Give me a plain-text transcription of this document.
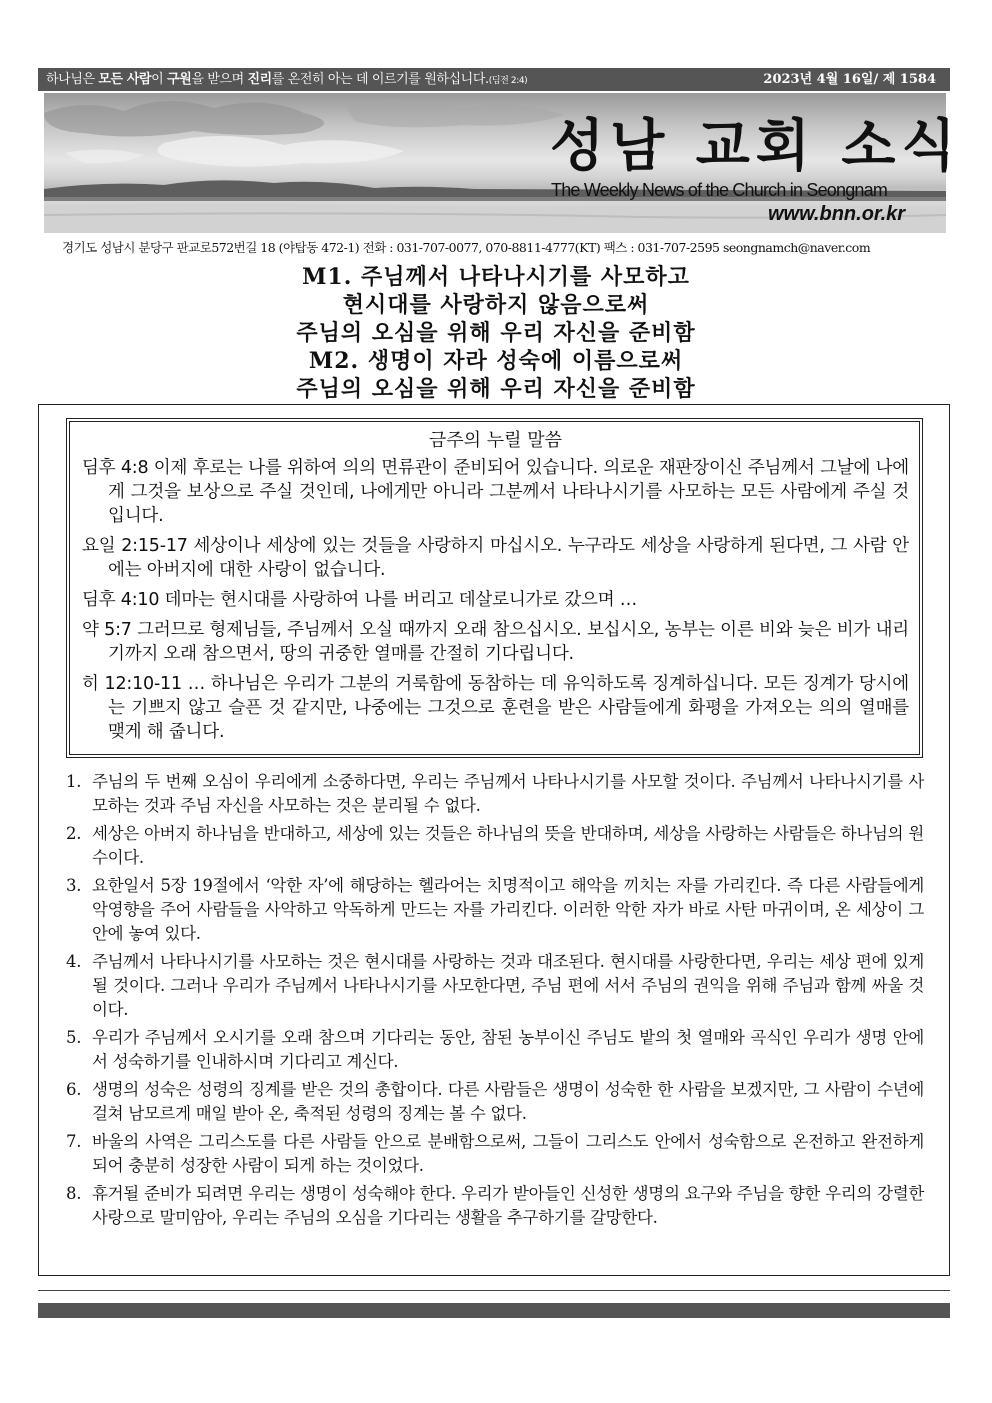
하나님은 모든 사람이 구원을 받으며 진리를 온전히 아는 데 이르기를 원하십니다.(딤전 2:4)	2023년 4월 16일/ 제 1584
성남 교회 소식
The Weekly News of the Church in Seongnam
www.bnn.or.kr
경기도 성남시 분당구 판교로572번길 18 (야탑동 472-1) 전화 : 031-707-0077, 070-8811-4777(KT) 팩스 : 031-707-2595 seongnamch@naver.com
M1. 주님께서 나타나시기를 사모하고
현시대를 사랑하지 않음으로써
주님의 오심을 위해 우리 자신을 준비함
M2. 생명이 자라 성숙에 이름으로써
주님의 오심을 위해 우리 자신을 준비함
금주의 누릴 말씀
딤후 4:8 이제 후로는 나를 위하여 의의 면류관이 준비되어 있습니다. 의로운 재판장이신 주님께서 그날에 나에게 그것을 보상으로 주실 것인데, 나에게만 아니라 그분께서 나타나시기를 사모하는 모든 사람에게 주실 것입니다.
요일 2:15-17 세상이나 세상에 있는 것들을 사랑하지 마십시오. 누구라도 세상을 사랑하게 된다면, 그 사람 안에는 아버지에 대한 사랑이 없습니다.
딤후 4:10 데마는 현시대를 사랑하여 나를 버리고 데살로니가로 갔으며 …
약 5:7 그러므로 형제님들, 주님께서 오실 때까지 오래 참으십시오. 보십시오, 농부는 이른 비와 늦은 비가 내리기까지 오래 참으면서, 땅의 귀중한 열매를 간절히 기다립니다.
히 12:10-11 … 하나님은 우리가 그분의 거룩함에 동참하는 데 유익하도록 징계하십니다. 모든 징계가 당시에는 기쁘지 않고 슬픈 것 같지만, 나중에는 그것으로 훈련을 받은 사람들에게 화평을 가져오는 의의 열매를 맺게 해 줍니다.
1. 주님의 두 번째 오심이 우리에게 소중하다면, 우리는 주님께서 나타나시기를 사모할 것이다. 주님께서 나타나시기를 사모하는 것과 주님 자신을 사모하는 것은 분리될 수 없다.
2. 세상은 아버지 하나님을 반대하고, 세상에 있는 것들은 하나님의 뜻을 반대하며, 세상을 사랑하는 사람들은 하나님의 원수이다.
3. 요한일서 5장 19절에서 ‘악한 자’에 해당하는 헬라어는 치명적이고 해악을 끼치는 자를 가리킨다. 즉 다른 사람들에게 악영향을 주어 사람들을 사악하고 악독하게 만드는 자를 가리킨다. 이러한 악한 자가 바로 사탄 마귀이며, 온 세상이 그 안에 놓여 있다.
4. 주님께서 나타나시기를 사모하는 것은 현시대를 사랑하는 것과 대조된다. 현시대를 사랑한다면, 우리는 세상 편에 있게 될 것이다. 그러나 우리가 주님께서 나타나시기를 사모한다면, 주님 편에 서서 주님의 권익을 위해 주님과 함께 싸울 것이다.
5. 우리가 주님께서 오시기를 오래 참으며 기다리는 동안, 참된 농부이신 주님도 밭의 첫 열매와 곡식인 우리가 생명 안에서 성숙하기를 인내하시며 기다리고 계신다.
6. 생명의 성숙은 성령의 징계를 받은 것의 총합이다. 다른 사람들은 생명이 성숙한 한 사람을 보겠지만, 그 사람이 수년에 걸쳐 남모르게 매일 받아 온, 축적된 성령의 징계는 볼 수 없다.
7. 바울의 사역은 그리스도를 다른 사람들 안으로 분배함으로써, 그들이 그리스도 안에서 성숙함으로 온전하고 완전하게 되어 충분히 성장한 사람이 되게 하는 것이었다.
8. 휴거될 준비가 되려면 우리는 생명이 성숙해야 한다. 우리가 받아들인 신성한 생명의 요구와 주님을 향한 우리의 강렬한 사랑으로 말미암아, 우리는 주님의 오심을 기다리는 생활을 추구하기를 갈망한다.
